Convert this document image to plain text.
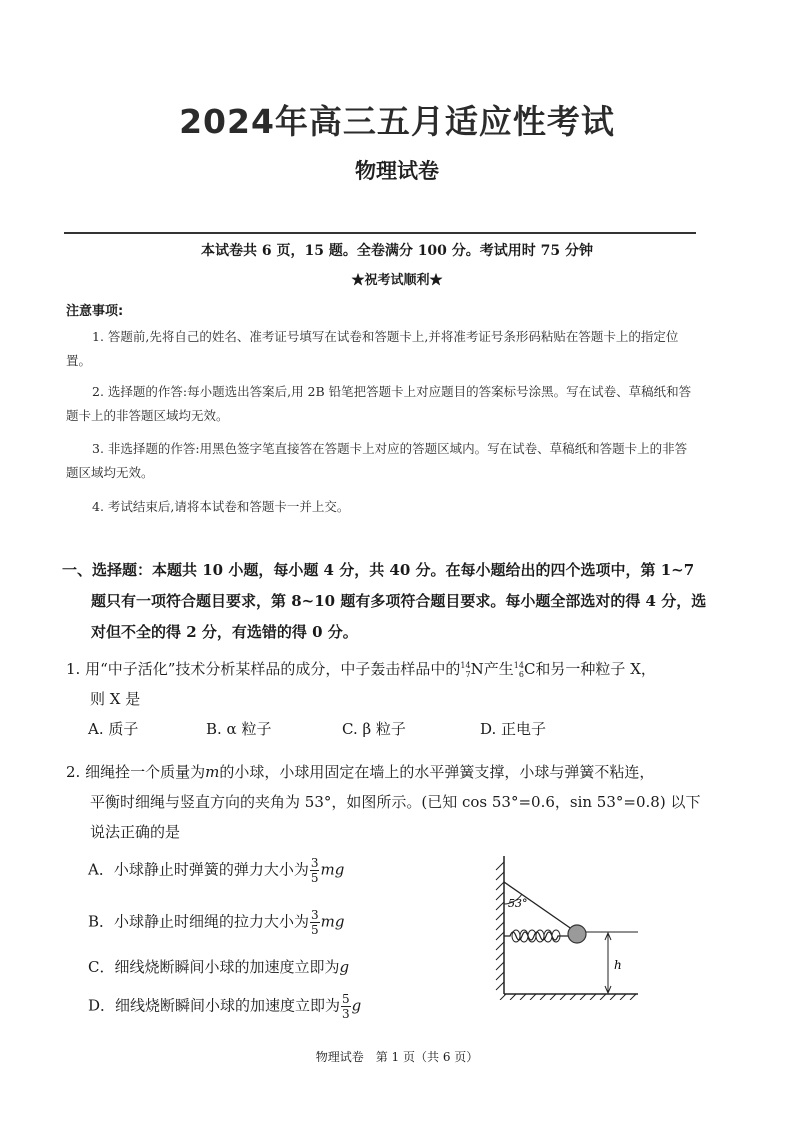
2024年高三五月适应性考试
物理试卷
本试卷共 6 页，15 题。全卷满分 100 分。考试用时 75 分钟
★祝考试顺利★
注意事项:
1. 答题前,先将自己的姓名、准考证号填写在试卷和答题卡上,并将准考证号条形码粘贴在答题卡上的指定位置。
2. 选择题的作答:每小题选出答案后,用 2B 铅笔把答题卡上对应题目的答案标号涂黑。写在试卷、草稿纸和答题卡上的非答题区域均无效。
3. 非选择题的作答:用黑色签字笔直接答在答题卡上对应的答题区域内。写在试卷、草稿纸和答题卡上的非答题区域均无效。
4. 考试结束后,请将本试卷和答题卡一并上交。
一、选择题：本题共 10 小题，每小题 4 分，共 40 分。在每小题给出的四个选项中，第 1~7 题只有一项符合题目要求，第 8~10 题有多项符合题目要求。每小题全部选对的得 4 分，选对但不全的得 2 分，有选错的得 0 分。
1. 用“中子活化”技术分析某样品的成分，中子轰击样品中的 14
7 N产生 14
6 C和另一种粒子 X，
则 X 是
A. 质子	B. α 粒子	C. β 粒子	D. 正电子
2. 细绳拴一个质量为m的小球，小球用固定在墙上的水平弹簧支撑，小球与弹簧不粘连，
平衡时细绳与竖直方向的夹角为 53°，如图所示。(已知 cos 53°=0.6，sin 53°=0.8) 以下
说法正确的是
A．小球静止时弹簧的弹力大小为 $\frac{3}{5}$ mg
B．小球静止时细绳的拉力大小为 $\frac{3}{5}$ mg
C．细线烧断瞬间小球的加速度立即为g
D．细线烧断瞬间小球的加速度立即为 $\frac{5}{3}$ g
53°
h
物理试卷　第 1 页（共 6 页）
